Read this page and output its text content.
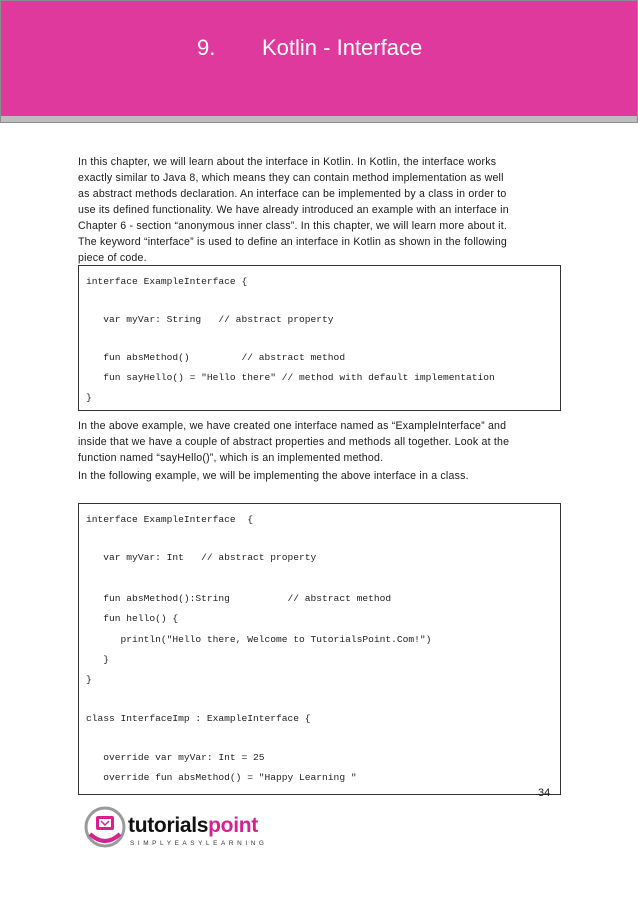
9. Kotlin - Interface
In this chapter, we will learn about the interface in Kotlin. In Kotlin, the interface works
exactly similar to Java 8, which means they can contain method implementation as well
as abstract methods declaration. An interface can be implemented by a class in order to
use its defined functionality. We have already introduced an example with an interface in
Chapter 6 - section “anonymous inner class”. In this chapter, we will learn more about it.
The keyword “interface” is used to define an interface in Kotlin as shown in the following
piece of code.
interface ExampleInterface {
var myVar: String   // abstract property
fun absMethod()         // abstract method
fun sayHello() = "Hello there" // method with default implementation
}
In the above example, we have created one interface named as “ExampleInterface” and
inside that we have a couple of abstract properties and methods all together. Look at the
function named “sayHello()”, which is an implemented method.
In the following example, we will be implementing the above interface in a class.
interface ExampleInterface  {
var myVar: Int   // abstract property
fun absMethod():String          // abstract method
fun hello() {
println("Hello there, Welcome to TutorialsPoint.Com!")
}
}
class InterfaceImp : ExampleInterface {
override var myVar: Int = 25
override fun absMethod() = "Happy Learning "
34
tutorialspoint
SIMPLYEASYLEARNING
